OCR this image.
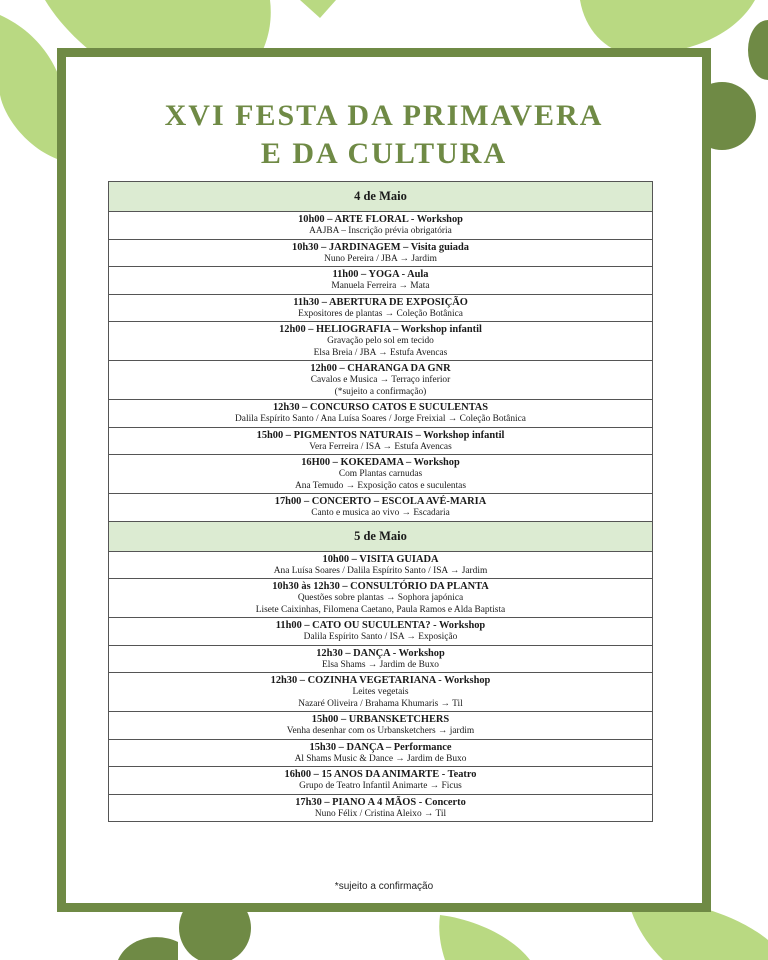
XVI FESTA DA PRIMAVERA
E DA CULTURA
4 de Maio

10h00 – ARTE FLORAL - Workshop
AAJBA – Inscrição prévia obrigatória

10h30 – JARDINAGEM – Visita guiada
Nuno Pereira / JBA → Jardim

11h00 – YOGA - Aula
Manuela Ferreira → Mata

11h30 – ABERTURA DE EXPOSIÇÃO
Expositores de plantas → Coleção Botânica

12h00 – HELIOGRAFIA – Workshop infantil
Gravação pelo sol em tecido
Elsa Breia / JBA → Estufa Avencas

12h00 – CHARANGA DA GNR
Cavalos e Musica → Terraço inferior
(*sujeito a confirmação)

12h30 – CONCURSO CATOS E SUCULENTAS
Dalila Espírito Santo / Ana Luísa Soares / Jorge Freixial → Coleção Botânica

15h00 – PIGMENTOS NATURAIS – Workshop infantil
Vera Ferreira / ISA → Estufa Avencas

16H00 – KOKEDAMA – Workshop
Com Plantas carnudas
Ana Temudo → Exposição catos e suculentas

17h00 – CONCERTO – ESCOLA AVÉ-MARIA
Canto e musica ao vivo → Escadaria

5 de Maio

10h00 – VISITA GUIADA
Ana Luísa Soares / Dalila Espírito Santo / ISA → Jardim

10h30 às 12h30 – CONSULTÓRIO DA PLANTA
Questões sobre plantas → Sophora japónica
Lisete Caixinhas, Filomena Caetano, Paula Ramos e Alda Baptista

11h00 – CATO OU SUCULENTA? - Workshop
Dalila Espírito Santo / ISA → Exposição

12h30 – DANÇA - Workshop
Elsa Shams → Jardim de Buxo

12h30 – COZINHA VEGETARIANA - Workshop
Leites vegetais
Nazaré Oliveira / Brahama Khumaris → Til

15h00 – URBANSKETCHERS
Venha desenhar com os Urbansketchers → jardim

15h30 – DANÇA – Performance
Al Shams Music & Dance → Jardim de Buxo

16h00 – 15 ANOS DA ANIMARTE - Teatro
Grupo de Teatro Infantil Animarte → Ficus

17h30 – PIANO A 4 MÃOS - Concerto
Nuno Félix / Cristina Aleixo → Til
*sujeito a confirmação
